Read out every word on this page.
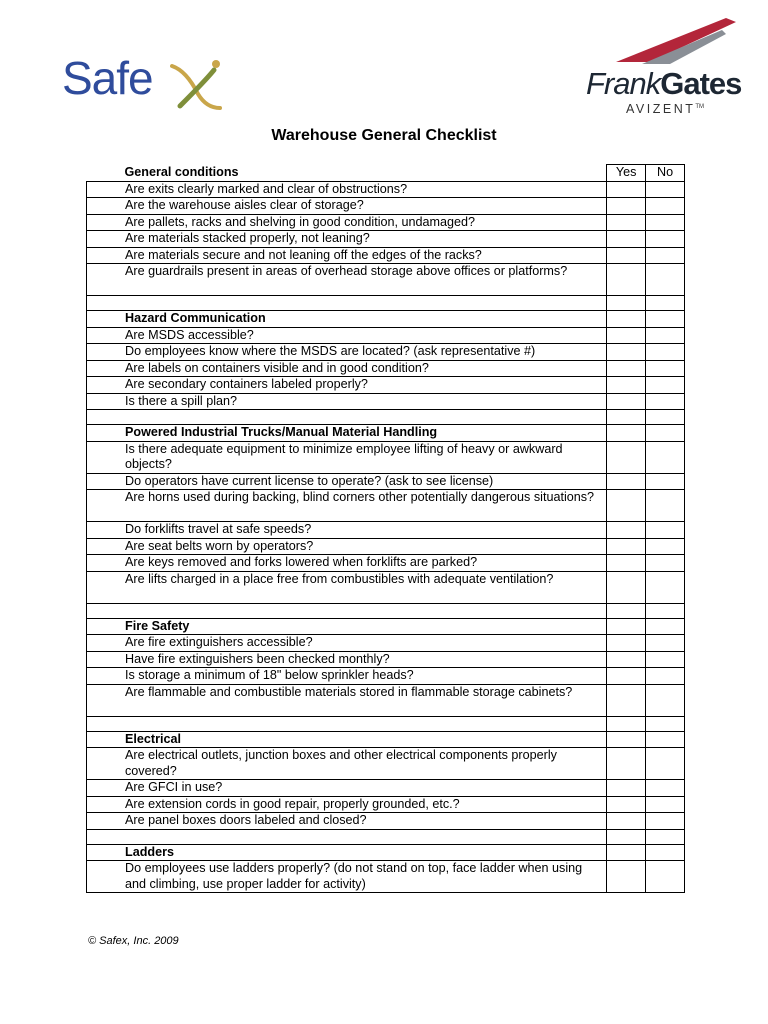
Safe	FrankGates
AVIZENT™
Warehouse General Checklist
General conditions	Yes	No
Are exits clearly marked and clear of obstructions?		
Are the warehouse aisles clear of storage?		
Are pallets, racks and shelving in good condition, undamaged?		
Are materials stacked properly, not leaning?		
Are materials secure and not leaning off the edges of the racks?		
Are guardrails present in areas of overhead storage above offices or platforms?		

Hazard Communication		
Are MSDS accessible?		
Do employees know where the MSDS are located? (ask representative #)		
Are labels on containers visible and in good condition?		
Are secondary containers labeled properly?		
Is there a spill plan?		

Powered Industrial Trucks/Manual Material Handling		
Is there adequate equipment to minimize employee lifting of heavy or awkward objects?		
Do operators have current license to operate? (ask to see license)		
Are horns used during backing, blind corners other potentially dangerous situations?		
Do forklifts travel at safe speeds?		
Are seat belts worn by operators?		
Are keys removed and forks lowered when forklifts are parked?		
Are lifts charged in a place free from combustibles with adequate ventilation?		

Fire Safety		
Are fire extinguishers accessible?		
Have fire extinguishers been checked monthly?		
Is storage a minimum of 18" below sprinkler heads?		
Are flammable and combustible materials stored in flammable storage cabinets?		

Electrical		
Are electrical outlets, junction boxes and other electrical components properly covered?		
Are GFCI in use?		
Are extension cords in good repair, properly grounded, etc.?		
Are panel boxes doors labeled and closed?		

Ladders		
Do employees use ladders properly? (do not stand on top, face ladder when using and climbing, use proper ladder for activity)		
© Safex, Inc. 2009
